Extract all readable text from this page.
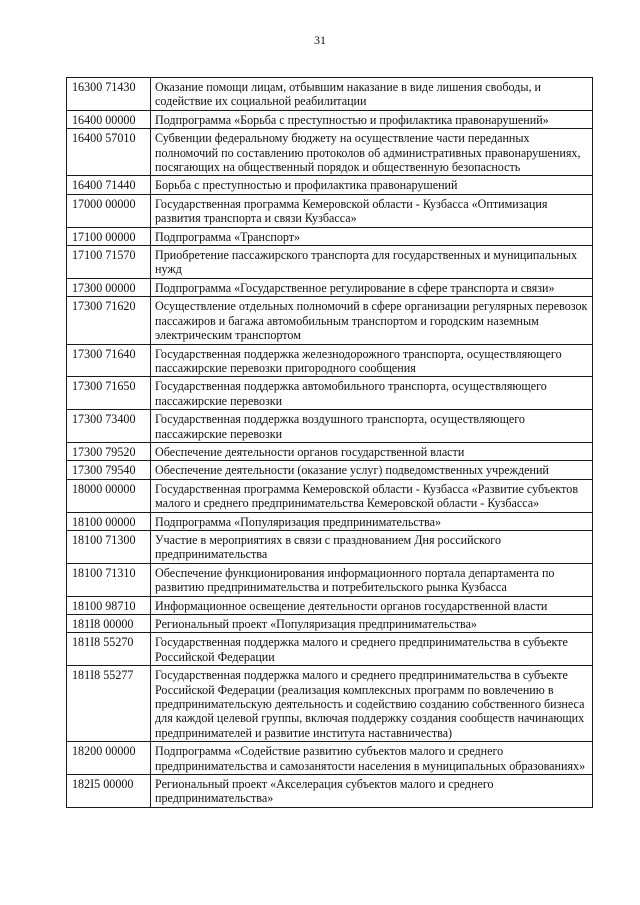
31
16300 71430	Оказание помощи лицам, отбывшим наказание в виде лишения свободы, и содействие их социальной реабилитации
16400 00000	Подпрограмма «Борьба с преступностью и профилактика правонарушений»
16400 57010	Субвенции федеральному бюджету на осуществление части переданных полномочий по составлению протоколов об административных правонарушениях, посягающих на общественный порядок и общественную безопасность
16400 71440	Борьба с преступностью и профилактика правонарушений
17000 00000	Государственная программа Кемеровской области - Кузбасса «Оптимизация развития транспорта и связи Кузбасса»
17100 00000	Подпрограмма «Транспорт»
17100 71570	Приобретение пассажирского транспорта для государственных и муниципальных нужд
17300 00000	Подпрограмма «Государственное регулирование в сфере транспорта и связи»
17300 71620	Осуществление отдельных полномочий в сфере организации регулярных перевозок пассажиров и багажа автомобильным транспортом и городским наземным электрическим транспортом
17300 71640	Государственная поддержка железнодорожного транспорта, осуществляющего пассажирские перевозки пригородного сообщения
17300 71650	Государственная поддержка автомобильного транспорта, осуществляющего пассажирские перевозки
17300 73400	Государственная поддержка воздушного транспорта, осуществляющего пассажирские перевозки
17300 79520	Обеспечение деятельности органов государственной власти
17300 79540	Обеспечение деятельности (оказание услуг) подведомственных учреждений
18000 00000	Государственная программа Кемеровской области - Кузбасса «Развитие субъектов малого и среднего предпринимательства Кемеровской области - Кузбасса»
18100 00000	Подпрограмма «Популяризация предпринимательства»
18100 71300	Участие в мероприятиях в связи с празднованием Дня российского предпринимательства
18100 71310	Обеспечение функционирования информационного портала департамента по развитию предпринимательства и потребительского рынка Кузбасса
18100 98710	Информационное освещение деятельности органов государственной власти
181I8 00000	Региональный проект «Популяризация предпринимательства»
181I8 55270	Государственная поддержка малого и среднего предпринимательства в субъекте Российской Федерации
181I8 55277	Государственная поддержка малого и среднего предпринимательства в субъекте Российской Федерации (реализация комплексных программ по вовлечению в предпринимательскую деятельность и содействию созданию собственного бизнеса для каждой целевой группы, включая поддержку создания сообществ начинающих предпринимателей и развитие института наставничества)
18200 00000	Подпрограмма «Содействие развитию субъектов малого и среднего предпринимательства и самозанятости населения в муниципальных образованиях»
182I5 00000	Региональный проект «Акселерация субъектов малого и среднего предпринимательства»
